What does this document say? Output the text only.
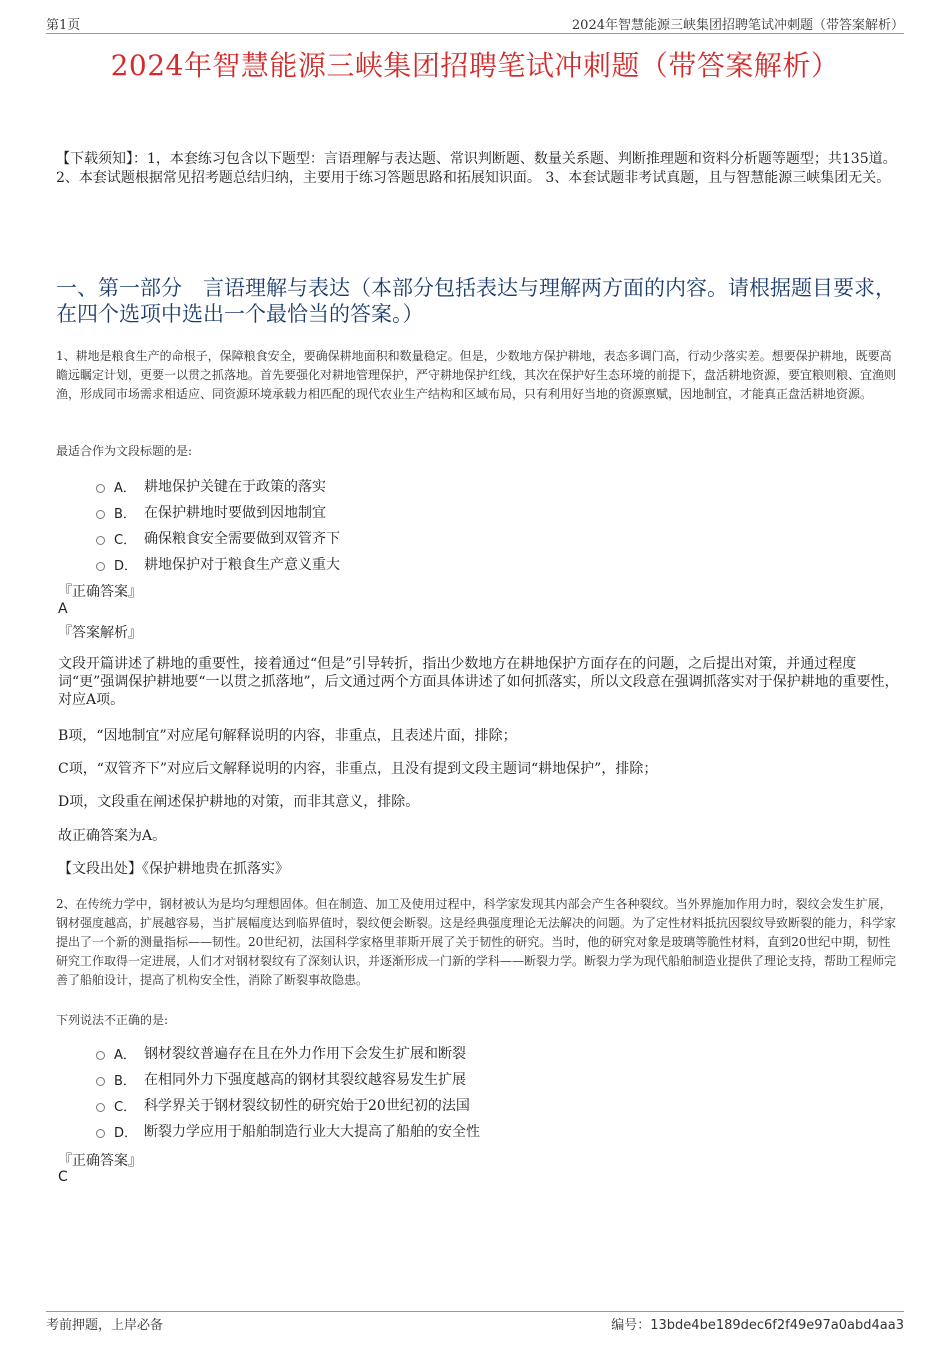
第1页	2024年智慧能源三峡集团招聘笔试冲刺题（带答案解析）
2024年智慧能源三峡集团招聘笔试冲刺题（带答案解析）
【下载须知】：1，本套练习包含以下题型：言语理解与表达题、常识判断题、数量关系题、判断推理题和资料分析题等题型；共135道。 2、本套试题根据常见招考题总结归纳，主要用于练习答题思路和拓展知识面。 3、本套试题非考试真题，且与智慧能源三峡集团无关。
一、第一部分　言语理解与表达（本部分包括表达与理解两方面的内容。请根据题目要求，在四个选项中选出一个最恰当的答案。）
1、耕地是粮食生产的命根子，保障粮食安全，要确保耕地面积和数量稳定。但是，少数地方保护耕地，表态多调门高，行动少落实差。想要保护耕地，既要高瞻远瞩定计划，更要一以贯之抓落地。首先要强化对耕地管理保护，严守耕地保护红线，其次在保护好生态环境的前提下，盘活耕地资源，要宜粮则粮、宜渔则渔，形成同市场需求相适应、同资源环境承载力相匹配的现代农业生产结构和区域布局，只有利用好当地的资源禀赋，因地制宜，才能真正盘活耕地资源。
最适合作为文段标题的是:
A． 耕地保护关键在于政策的落实
B． 在保护耕地时要做到因地制宜
C． 确保粮食安全需要做到双管齐下
D． 耕地保护对于粮食生产意义重大
『正确答案』
A
『答案解析』
文段开篇讲述了耕地的重要性，接着通过“但是”引导转折，指出少数地方在耕地保护方面存在的问题，之后提出对策，并通过程度词“更”强调保护耕地要“一以贯之抓落地”，后文通过两个方面具体讲述了如何抓落实，所以文段意在强调抓落实对于保护耕地的重要性，对应A项。
B项，“因地制宜”对应尾句解释说明的内容，非重点，且表述片面，排除；
C项，“双管齐下”对应后文解释说明的内容，非重点，且没有提到文段主题词“耕地保护”，排除；
D项，文段重在阐述保护耕地的对策，而非其意义，排除。
故正确答案为A。
【文段出处】《保护耕地贵在抓落实》
2、在传统力学中，钢材被认为是均匀理想固体。但在制造、加工及使用过程中，科学家发现其内部会产生各种裂纹。当外界施加作用力时，裂纹会发生扩展，钢材强度越高，扩展越容易，当扩展幅度达到临界值时，裂纹便会断裂。这是经典强度理论无法解决的问题。为了定性材料抵抗因裂纹导致断裂的能力，科学家提出了一个新的测量指标——韧性。20世纪初，法国科学家格里菲斯开展了关于韧性的研究。当时，他的研究对象是玻璃等脆性材料，直到20世纪中期，韧性研究工作取得一定进展，人们才对钢材裂纹有了深刻认识，并逐渐形成一门新的学科——断裂力学。断裂力学为现代船舶制造业提供了理论支持，帮助工程师完善了船舶设计，提高了机构安全性，消除了断裂事故隐患。
下列说法不正确的是:
A． 钢材裂纹普遍存在且在外力作用下会发生扩展和断裂
B． 在相同外力下强度越高的钢材其裂纹越容易发生扩展
C． 科学界关于钢材裂纹韧性的研究始于20世纪初的法国
D． 断裂力学应用于船舶制造行业大大提高了船舶的安全性
『正确答案』
C
考前押题，上岸必备	编号：13bde4be189dec6f2f49e97a0abd4aa3
